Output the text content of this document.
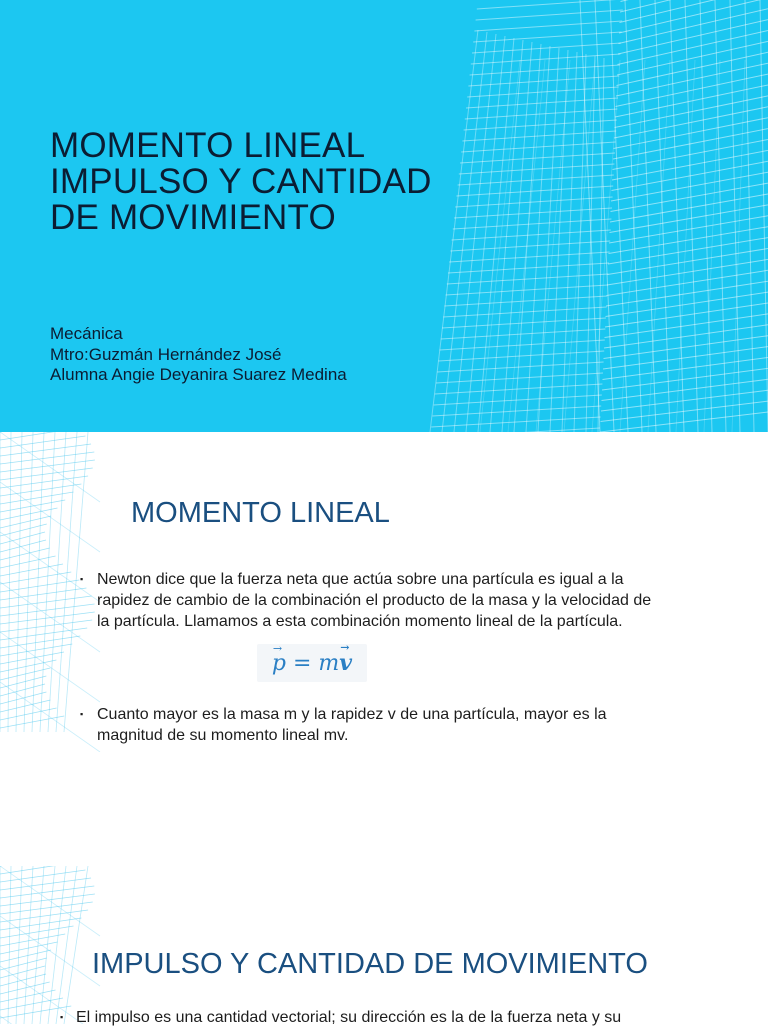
MOMENTO LINEAL
IMPULSO Y CANTIDAD
DE MOVIMIENTO
Mecánica
Mtro:Guzmán Hernández José
Alumna Angie Deyanira Suarez Medina
MOMENTO LINEAL
▪ Newton dice que la fuerza neta que actúa sobre una partícula es igual a la rapidez de cambio de la combinación el producto de la masa y la velocidad de la partícula. Llamamos a esta combinación momento lineal de la partícula.
→ p = m→ v
▪ Cuanto mayor es la masa m y la rapidez v de una partícula, mayor es la magnitud de su momento lineal mv.
IMPULSO Y CANTIDAD DE MOVIMIENTO
▪ El impulso es una cantidad vectorial; su dirección es la de la fuerza neta y su
